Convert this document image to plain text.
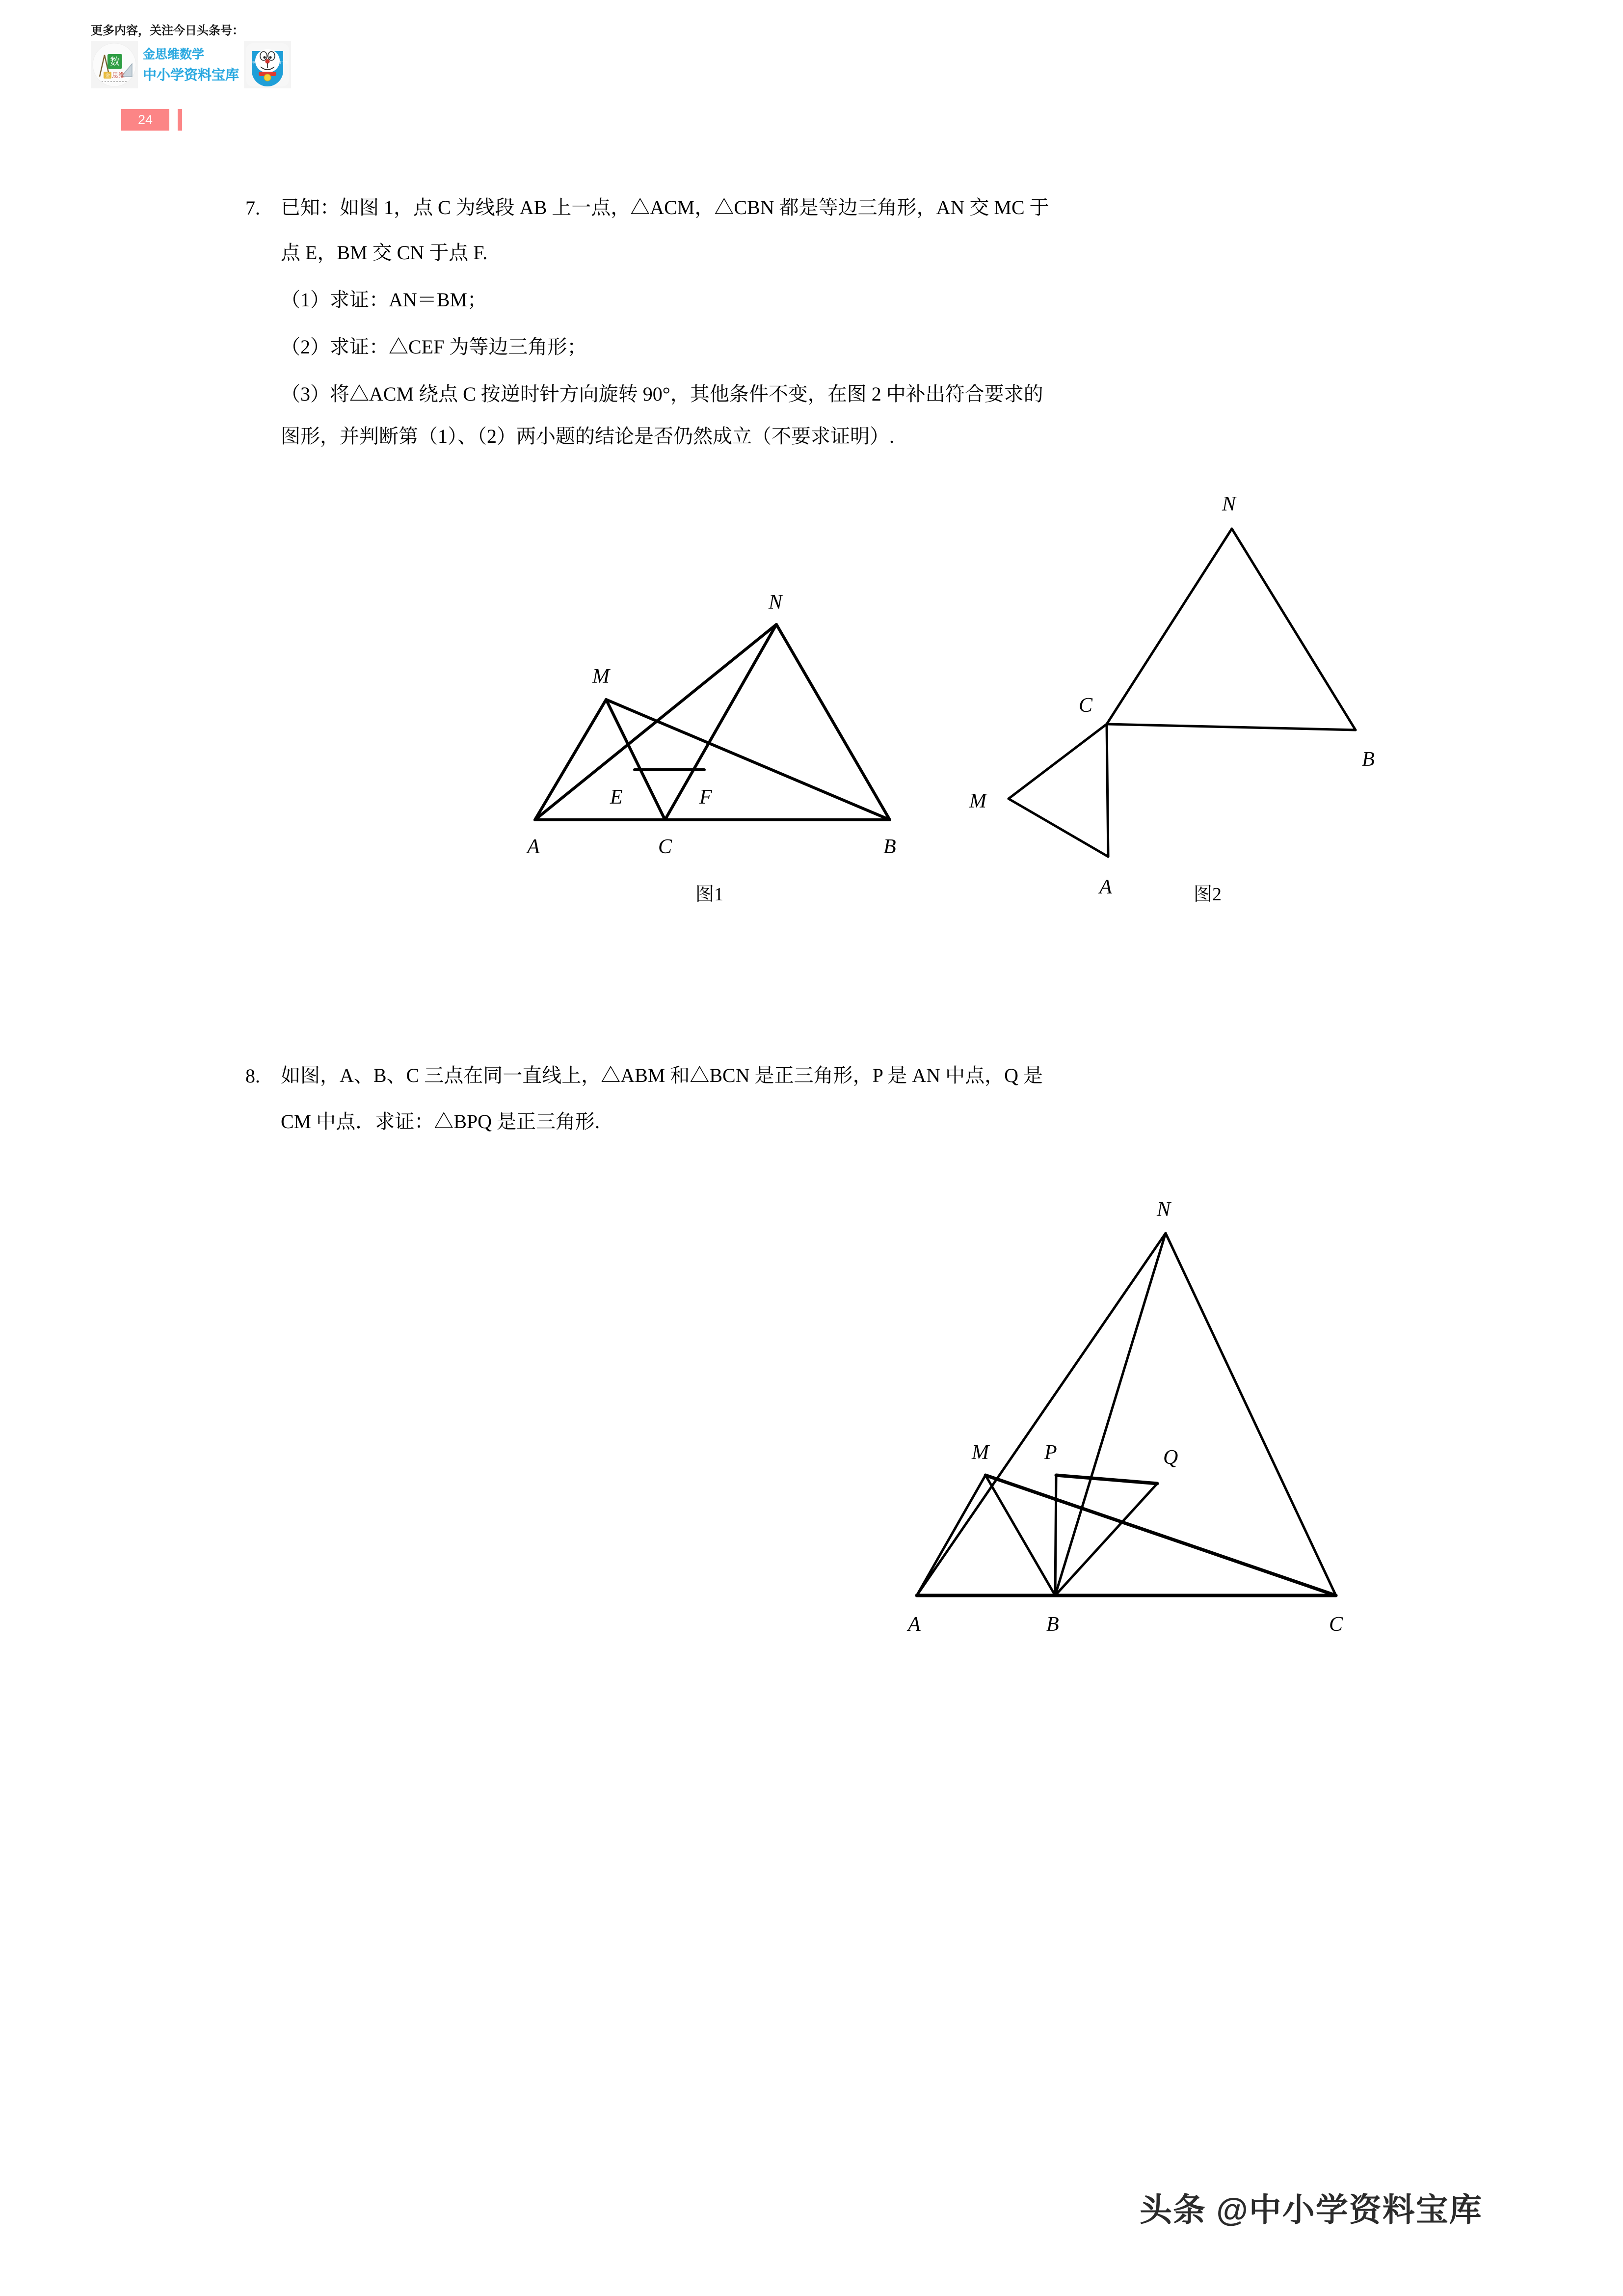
更多内容，关注今日头条号：
数
金 思维
金思维数学
中小学资料宝库
中小学	资料宝库
24
7. 已知：如图 1，点 C 为线段 AB 上一点，△ACM，△CBN 都是等边三角形，AN 交 MC 于
点 E，BM 交 CN 于点 F.
（1）求证：AN＝BM；
（2）求证：△CEF 为等边三角形；
（3）将△ACM 绕点 C 按逆时针方向旋转 90°，其他条件不变，在图 2 中补出符合要求的
图形，并判断第（1）、（2）两小题的结论是否仍然成立（不要求证明）.
A	C	B
M
N
E	F
图1
C
N
B
M
A	图2
8. 如图，A、B、C 三点在同一直线上，△ABM 和△BCN 是正三角形，P 是 AN 中点，Q 是
CM 中点．求证：△BPQ 是正三角形.
A	B	C
M
N
P	Q
头条 @中小学资料宝库
